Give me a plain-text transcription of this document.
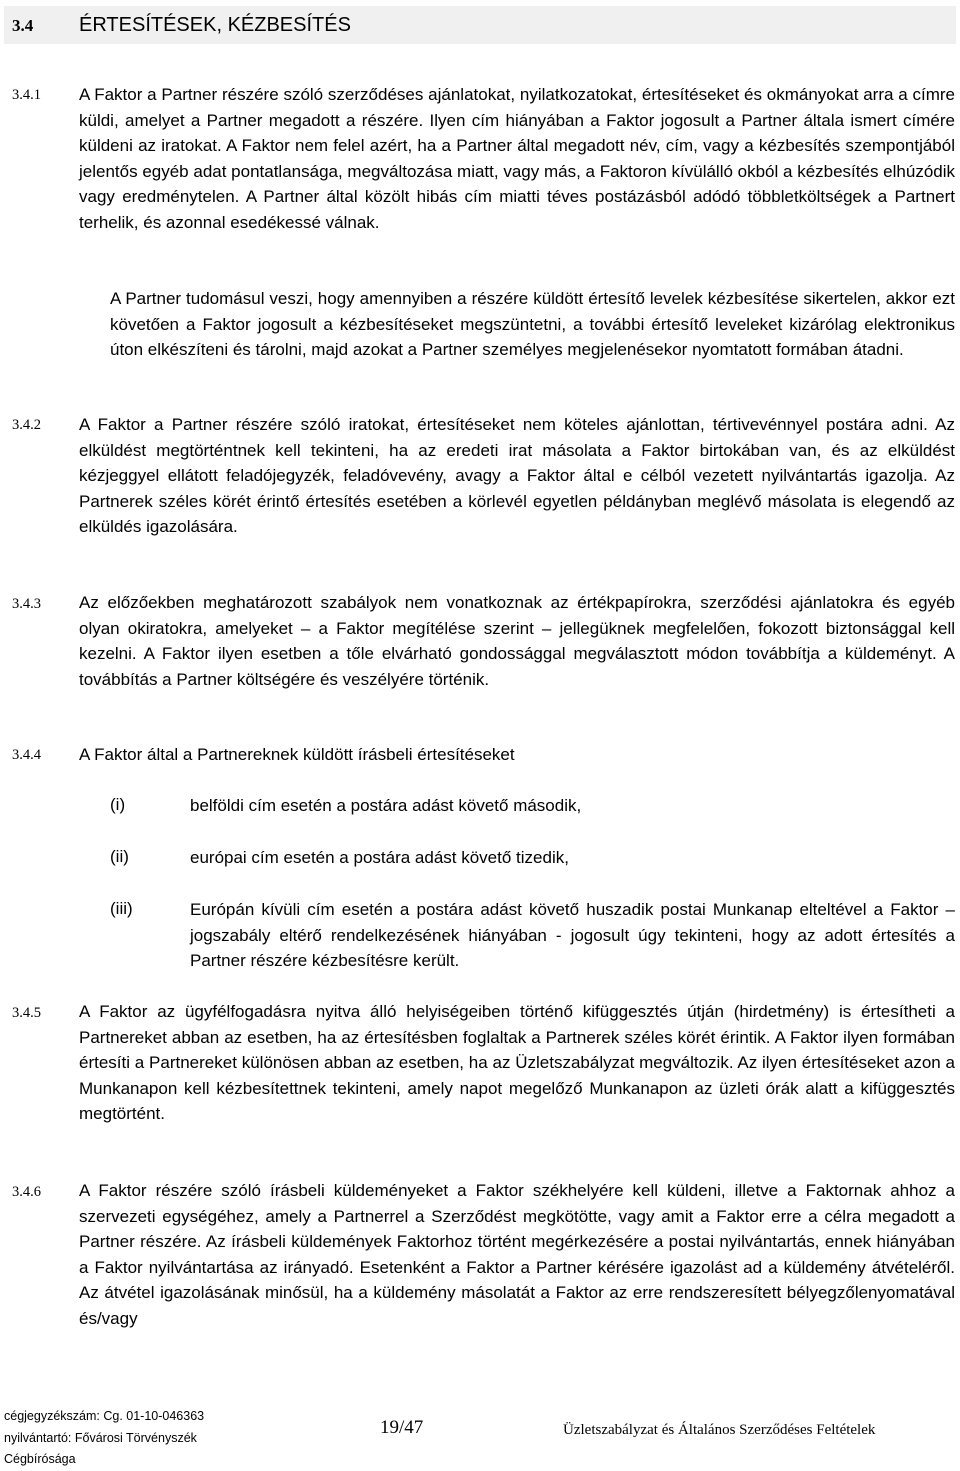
3.4 ÉRTESÍTÉSEK, KÉZBESÍTÉS
3.4.1 A Faktor a Partner részére szóló szerződéses ajánlatokat, nyilatkozatokat, értesítéseket és okmányokat arra a címre küldi, amelyet a Partner megadott a részére. Ilyen cím hiányában a Faktor jogosult a Partner általa ismert címére küldeni az iratokat. A Faktor nem felel azért, ha a Partner által megadott név, cím, vagy a kézbesítés szempontjából jelentős egyéb adat pontatlansága, megváltozása miatt, vagy más, a Faktoron kívülálló okból a kézbesítés elhúzódik vagy eredménytelen. A Partner által közölt hibás cím miatti téves postázásból adódó többletköltségek a Partnert terhelik, és azonnal esedékessé válnak.
A Partner tudomásul veszi, hogy amennyiben a részére küldött értesítő levelek kézbesítése sikertelen, akkor ezt követően a Faktor jogosult a kézbesítéseket megszüntetni, a további értesítő leveleket kizárólag elektronikus úton elkészíteni és tárolni, majd azokat a Partner személyes megjelenésekor nyomtatott formában átadni.
3.4.2 A Faktor a Partner részére szóló iratokat, értesítéseket nem köteles ajánlottan, tértivevénnyel postára adni. Az elküldést megtörténtnek kell tekinteni, ha az eredeti irat másolata a Faktor birtokában van, és az elküldést kézjeggyel ellátott feladójegyzék, feladóvevény, avagy a Faktor által e célból vezetett nyilvántartás igazolja. Az Partnerek széles körét érintő értesítés esetében a körlevél egyetlen példányban meglévő másolata is elegendő az elküldés igazolására.
3.4.3 Az előzőekben meghatározott szabályok nem vonatkoznak az értékpapírokra, szerződési ajánlatokra és egyéb olyan okiratokra, amelyeket – a Faktor megítélése szerint – jellegüknek megfelelően, fokozott biztonsággal kell kezelni. A Faktor ilyen esetben a tőle elvárható gondossággal megválasztott módon továbbítja a küldeményt. A továbbítás a Partner költségére és veszélyére történik.
3.4.4 A Faktor által a Partnereknek küldött írásbeli értesítéseket
(i)	belföldi cím esetén a postára adást követő második,
(ii)	európai cím esetén a postára adást követő tizedik,
(iii)	Európán kívüli cím esetén a postára adást követő huszadik postai Munkanap elteltével a Faktor – jogszabály eltérő rendelkezésének hiányában - jogosult úgy tekinteni, hogy az adott értesítés a Partner részére kézbesítésre került.
3.4.5 A Faktor az ügyfélfogadásra nyitva álló helyiségeiben történő kifüggesztés útján (hirdetmény) is értesítheti a Partnereket abban az esetben, ha az értesítésben foglaltak a Partnerek széles körét érintik. A Faktor ilyen formában értesíti a Partnereket különösen abban az esetben, ha az Üzletszabályzat megváltozik. Az ilyen értesítéseket azon a Munkanapon kell kézbesítettnek tekinteni, amely napot megelőző Munkanapon az üzleti órák alatt a kifüggesztés megtörtént.
3.4.6 A Faktor részére szóló írásbeli küldeményeket a Faktor székhelyére kell küldeni, illetve a Faktornak ahhoz a szervezeti egységéhez, amely a Partnerrel a Szerződést megkötötte, vagy amit a Faktor erre a célra megadott a Partner részére. Az írásbeli küldemények Faktorhoz történt megérkezésére a postai nyilvántartás, ennek hiányában a Faktor nyilvántartása az irányadó. Esetenként a Faktor a Partner kérésére igazolást ad a küldemény átvételéről. Az átvétel igazolásának minősül, ha a küldemény másolatát a Faktor az erre rendszeresített bélyegzőlenyomatával és/vagy
cégjegyzékszám: Cg. 01-10-046363
nyilvántartó: Fővárosi Törvényszék
Cégbírósága
19/47	Üzletszabályzat és Általános Szerződéses Feltételek
